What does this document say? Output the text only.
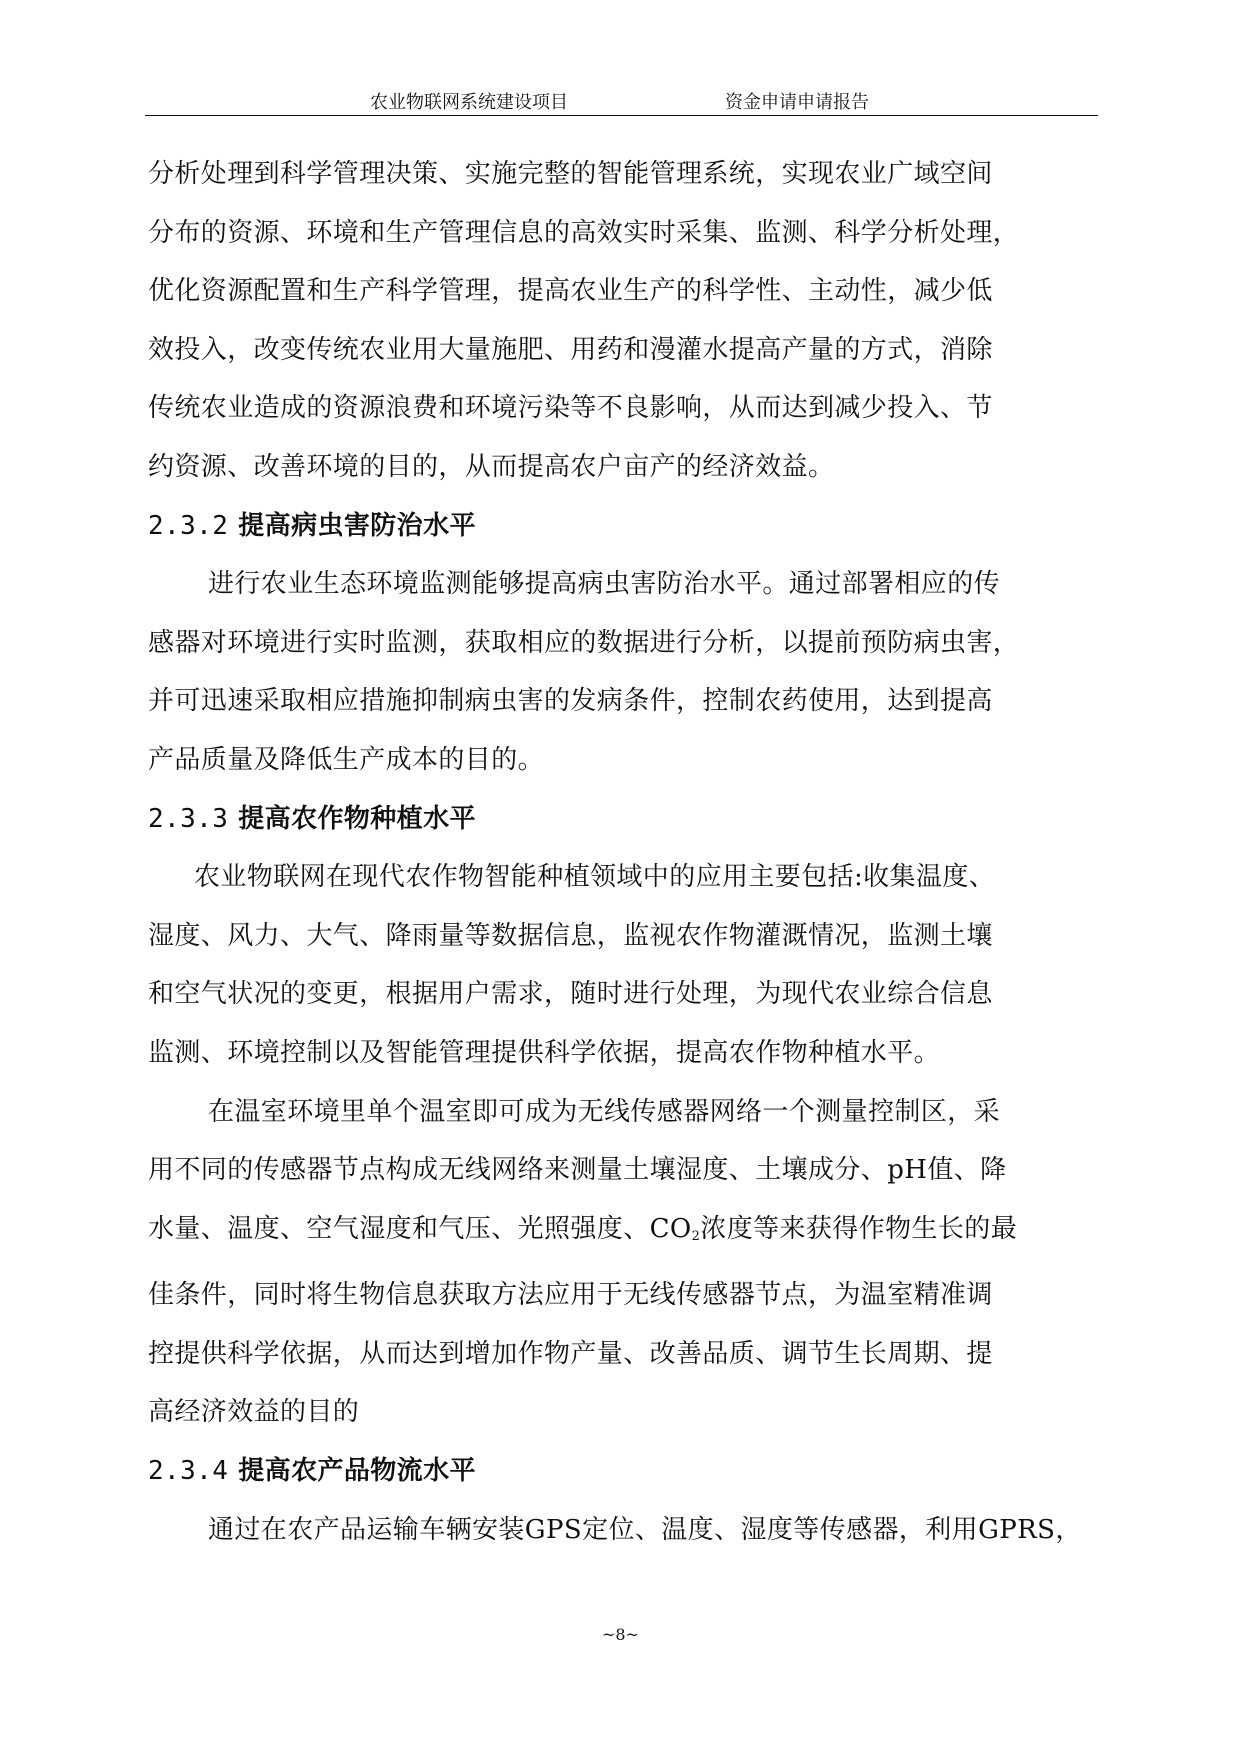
农业物联网系统建设项目	资金申请申请报告

分析处理到科学管理决策、实施完整的智能管理系统，实现农业广域空间
分布的资源、环境和生产管理信息的高效实时采集、监测、科学分析处理，
优化资源配置和生产科学管理，提高农业生产的科学性、主动性，减少低
效投入，改变传统农业用大量施肥、用药和漫灌水提高产量的方式，消除
传统农业造成的资源浪费和环境污染等不良影响，从而达到减少投入、节
约资源、改善环境的目的，从而提高农户亩产的经济效益。

2.3.2 提高病虫害防治水平

进行农业生态环境监测能够提高病虫害防治水平。通过部署相应的传
感器对环境进行实时监测，获取相应的数据进行分析，以提前预防病虫害，
并可迅速采取相应措施抑制病虫害的发病条件，控制农药使用，达到提高
产品质量及降低生产成本的目的。

2.3.3 提高农作物种植水平

农业物联网在现代农作物智能种植领域中的应用主要包括:收集温度、
湿度、风力、大气、降雨量等数据信息，监视农作物灌溉情况，监测土壤
和空气状况的变更，根据用户需求，随时进行处理，为现代农业综合信息
监测、环境控制以及智能管理提供科学依据，提高农作物种植水平。

在温室环境里单个温室即可成为无线传感器网络一个测量控制区，采
用不同的传感器节点构成无线网络来测量土壤湿度、土壤成分、pH值、降
水量、温度、空气湿度和气压、光照强度、$CO_2$浓度等来获得作物生长的最
佳条件，同时将生物信息获取方法应用于无线传感器节点，为温室精准调
控提供科学依据，从而达到增加作物产量、改善品质、调节生长周期、提
高经济效益的目的

2.3.4 提高农产品物流水平

通过在农产品运输车辆安装GPS定位、温度、湿度等传感器，利用GPRS，

~8~
